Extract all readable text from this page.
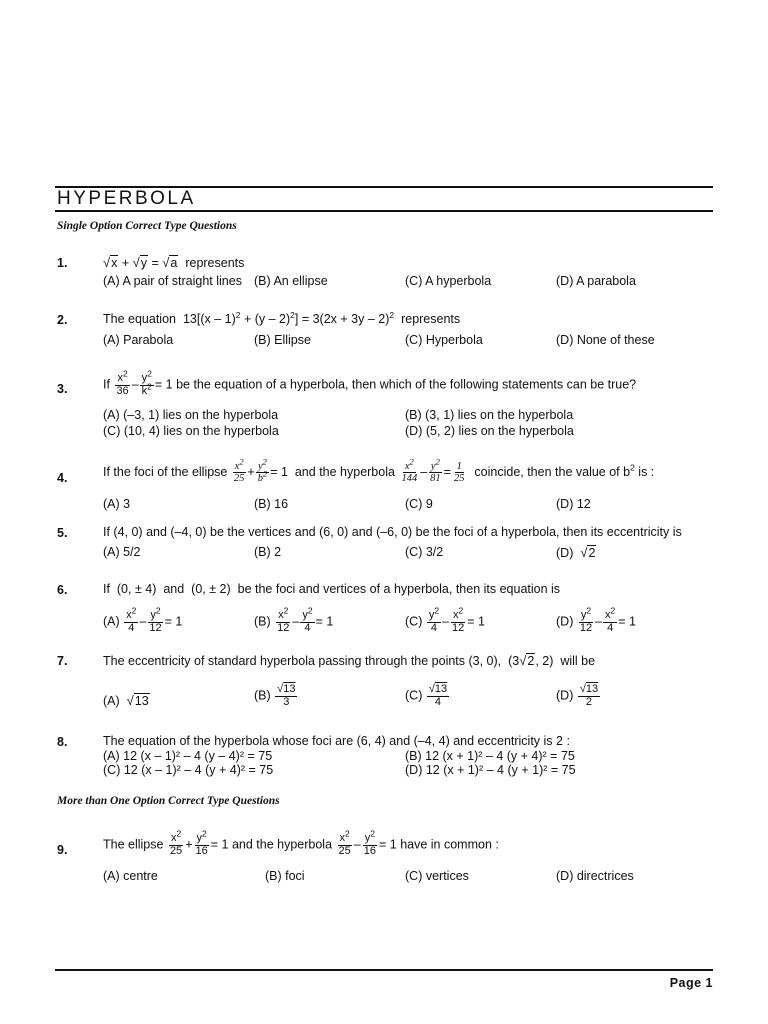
HYPERBOLA
Single Option Correct Type Questions
1.	√x + √y = √a represents
(A) A pair of straight lines (B) An ellipse	(C) A hyperbola	(D) A parabola
2.	The equation $13[(x - 1)^2 + (y - 2)^2] = 3(2x + 3y - 2)^2$ represents
(A) Parabola	(B) Ellipse	(C) Hyperbola	(D) None of these
3.	If $\frac{x^2}{36} - \frac{y^2}{k^2} = 1$ be the equation of a hyperbola, then which of the following statements can be true?
(A) (–3, 1) lies on the hyperbola	(B) (3, 1) lies on the hyperbola
(C) (10, 4) lies on the hyperbola	(D) (5, 2) lies on the hyperbola
4.	If the foci of the ellipse $\frac{x^2}{25} + \frac{y^2}{b^2} = 1$  and the hyperbola $\frac{x^2}{144} - \frac{y^2}{81} = \frac{1}{25}$ coincide, then the value of $b^2$ is :
(A) 3	(B) 16	(C) 9	(D) 12
5.	If (4, 0) and (–4, 0) be the vertices and (6, 0) and (–6, 0) be the foci of a hyperbola, then its eccentricity is
(A) 5/2	(B) 2	(C) 3/2	(D) √2
6.	If  (0, ± 4)  and  (0, ± 2)  be the foci and vertices of a hyperbola, then its equation is
$(A) \frac{x^2}{4} - \frac{y^2}{12} = 1$	$(B) \frac{x^2}{12} - \frac{y^2}{4} = 1$	$(C) \frac{y^2}{4} - \frac{x^2}{12} = 1$	$(D) \frac{y^2}{12} - \frac{x^2}{4} = 1$
7.	The eccentricity of standard hyperbola passing through the points (3, 0), (3√2, 2) will be
(A) √13	$(B) \frac{√13}{3}$	$(C) \frac{√13}{4}$	$(D) \frac{√13}{2}$
8.	The equation of the hyperbola whose foci are (6, 4) and (–4, 4) and eccentricity is 2 :
(A) 12 (x – 1)² – 4 (y – 4)² = 75	(B) 12 (x + 1)² – 4 (y + 4)² = 75
(C) 12 (x – 1)² – 4 (y + 4)² = 75	(D) 12 (x + 1)² – 4 (y + 1)² = 75
More than One Option Correct Type Questions
9.	The ellipse $\frac{x^2}{25} + \frac{y^2}{16} = 1$ and the hyperbola $\frac{x^2}{25} - \frac{y^2}{16} = 1$ have in common :
(A) centre	(B) foci	(C) vertices	(D) directrices
Page 1
